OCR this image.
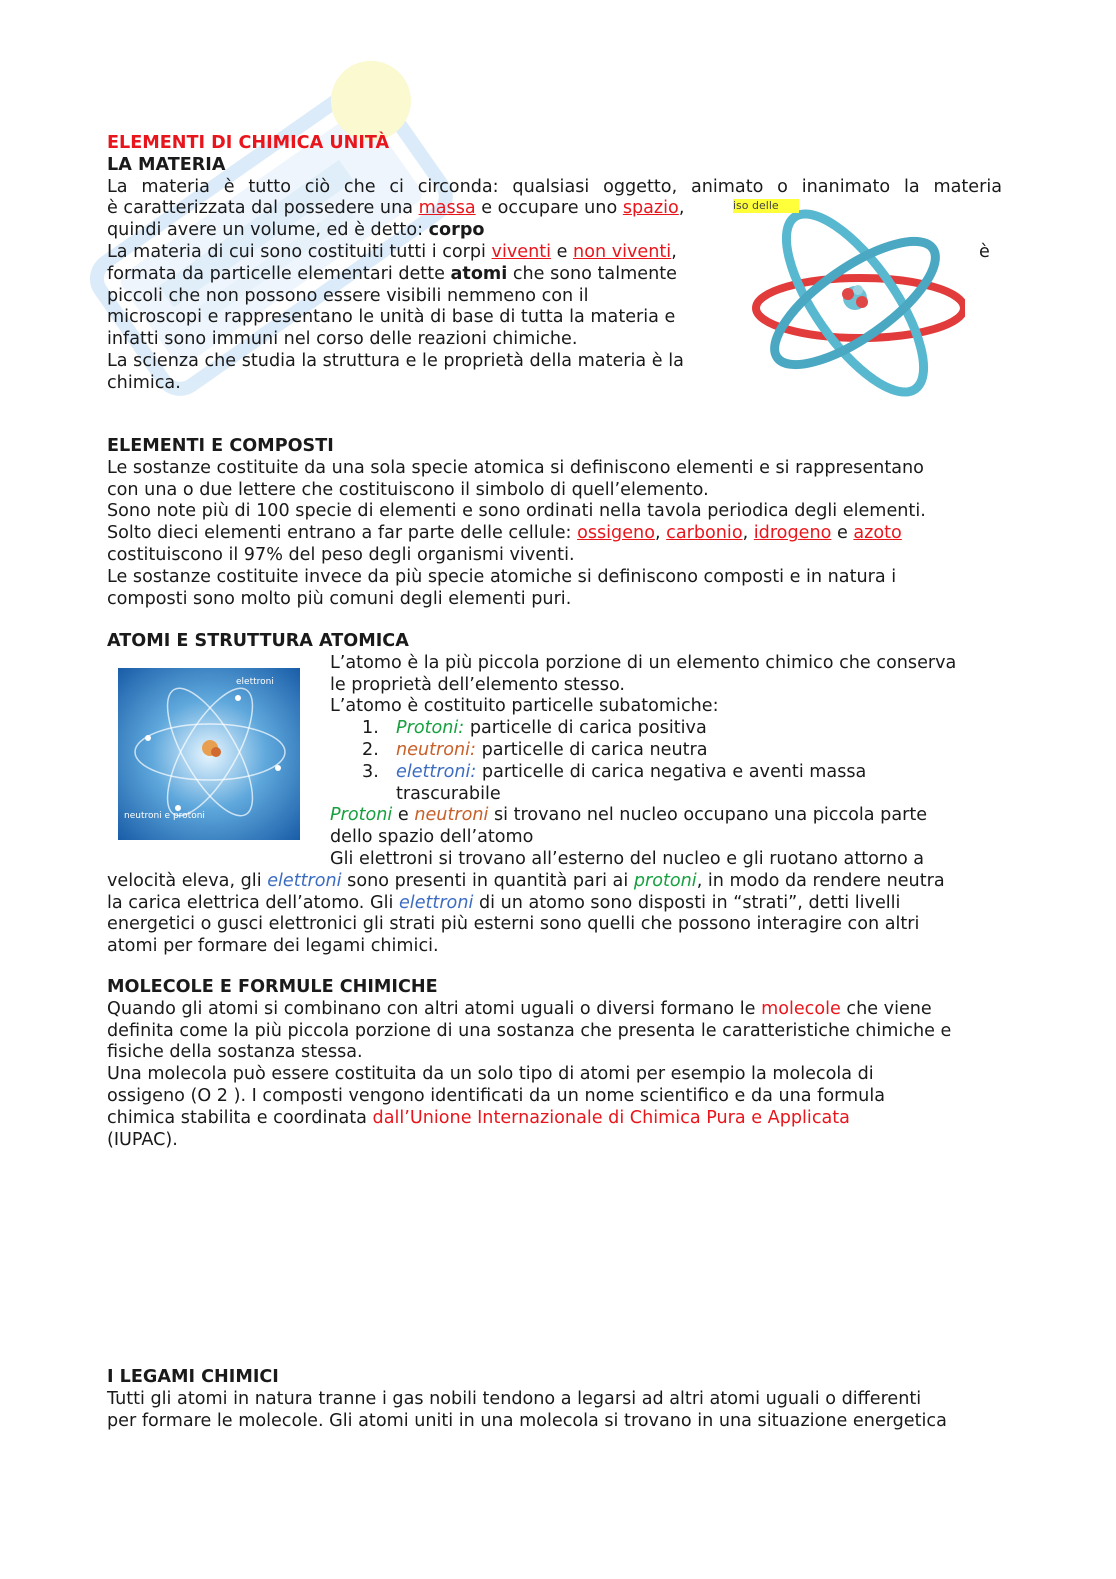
iso delle
elettroni
neutroni e protoni

ELEMENTI DI CHIMICA UNITÀ

LA MATERIA

La materia è tutto ciò che ci circonda: qualsiasi oggetto, animato o inanimato la materia

è caratterizzata dal possedere una massa e occupare uno spazio,

quindi avere un volume, ed è detto: corpo

La materia di cui sono costituiti tutti i corpi viventi e non viventi,	è

formata da particelle elementari dette atomi che sono talmente

piccoli che non possono essere visibili nemmeno con il

microscopi e rappresentano le unità di base di tutta la materia e

infatti sono immuni nel corso delle reazioni chimiche.

La scienza che studia la struttura e le proprietà della materia è la

chimica.

ELEMENTI E COMPOSTI

Le sostanze costituite da una sola specie atomica si definiscono elementi e si rappresentano

con una o due lettere che costituiscono il simbolo di quell’elemento.

Sono note più di 100 specie di elementi e sono ordinati nella tavola periodica degli elementi.

Solto dieci elementi entrano a far parte delle cellule: ossigeno, carbonio, idrogeno e azoto

costituiscono il 97% del peso degli organismi viventi.

Le sostanze costituite invece da più specie atomiche si definiscono composti e in natura i

composti sono molto più comuni degli elementi puri.

ATOMI E STRUTTURA ATOMICA

L’atomo è la più piccola porzione di un elemento chimico che conserva

le proprietà dell’elemento stesso.

L’atomo è costituito particelle subatomiche:

1. Protoni: particelle di carica positiva
2. neutroni: particelle di carica neutra
3. elettroni: particelle di carica negativa e aventi massa
trascurabile

Protoni e neutroni si trovano nel nucleo occupano una piccola parte

dello spazio dell’atomo

Gli elettroni si trovano all’esterno del nucleo e gli ruotano attorno a

velocità eleva, gli elettroni sono presenti in quantità pari ai protoni, in modo da rendere neutra

la carica elettrica dell’atomo. Gli elettroni di un atomo sono disposti in “strati”, detti livelli

energetici o gusci elettronici gli strati più esterni sono quelli che possono interagire con altri

atomi per formare dei legami chimici.

MOLECOLE E FORMULE CHIMICHE

Quando gli atomi si combinano con altri atomi uguali o diversi formano le molecole che viene

definita come la più piccola porzione di una sostanza che presenta le caratteristiche chimiche e

fisiche della sostanza stessa.

Una molecola può essere costituita da un solo tipo di atomi per esempio la molecola di

ossigeno (O 2 ). I composti vengono identificati da un nome scientifico e da una formula

chimica stabilita e coordinata dall’Unione Internazionale di Chimica Pura e Applicata

(IUPAC).

I LEGAMI CHIMICI

Tutti gli atomi in natura tranne i gas nobili tendono a legarsi ad altri atomi uguali o differenti

per formare le molecole. Gli atomi uniti in una molecola si trovano in una situazione energetica
